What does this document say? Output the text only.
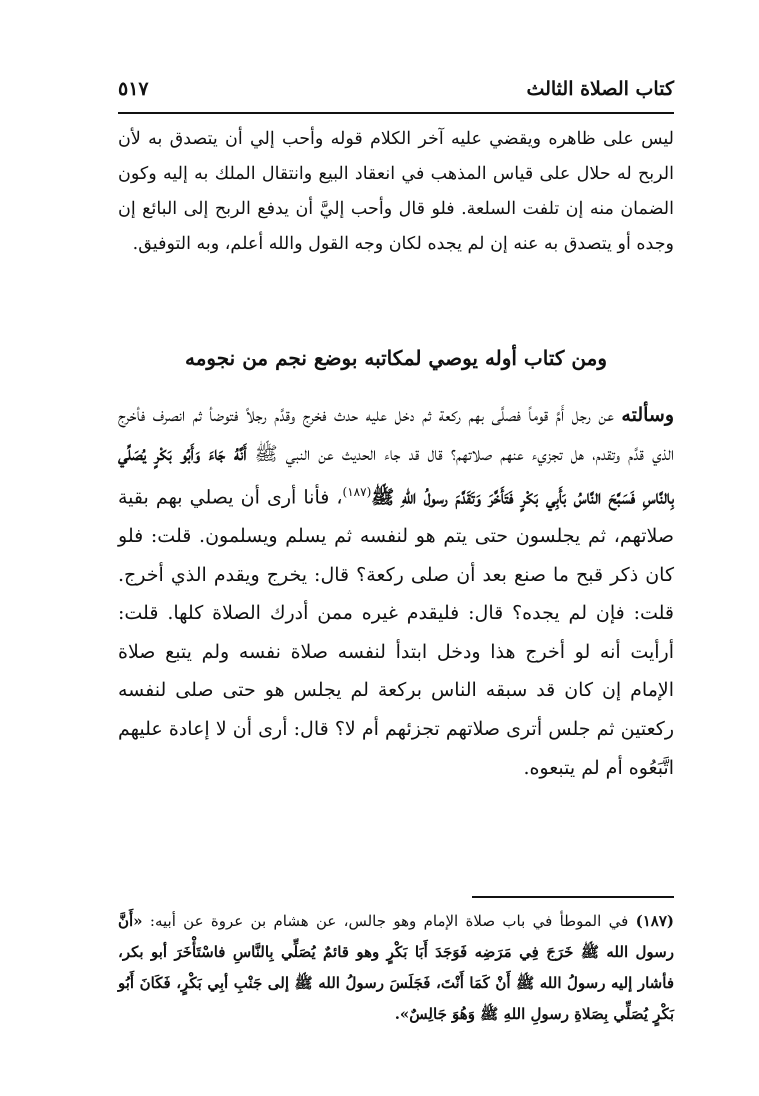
كتاب الصلاة الثالث
٥١٧

ليس على ظاهره ويقضي عليه آخر الكلام قوله وأحب إلي أن يتصدق به لأن الربح له حلال على قياس المذهب في انعقاد البيع وانتقال الملك به إليه وكون الضمان منه إن تلفت السلعة. فلو قال وأحب إليَّ أن يدفع الربح إلى البائع إن وجده أو يتصدق به عنه إن لم يجده لكان وجه القول والله أعلم، وبه التوفيق.

ومن كتاب أوله يوصي لمكاتبه بوضع نجم من نجومه

وسألته عن رجل أَمَّ قوماً فصلَّى بهم ركعة ثم دخل عليه حدث فخرج وقدَّم رجلاً فتوضأ ثم انصرف فأخرج الذي قدَّم وتقدم، هل تجزيء عنهم صلاتهم؟ قال قد جاء الحديث عن النبي ﷺ أَنَّهُ جَاءَ وَأَبُو بَكْرٍ يُصَلِّي بِالنَّاسِ فَسَبَّحَ النَّاسُ بَأَبِي بَكْرٍ فَتَأَخَّرَ وَتَقَدَّمَ رسولُ اللهِ ﷺ$^{(١٨٧)}$، فأنا أرى أن يصلي بهم بقية صلاتهم، ثم يجلسون حتى يتم هو لنفسه ثم يسلم ويسلمون. قلت: فلو كان ذكر قبح ما صنع بعد أن صلى ركعة؟ قال: يخرج ويقدم الذي أخرج. قلت: فإن لم يجده؟ قال: فليقدم غيره ممن أدرك الصلاة كلها. قلت: أرأيت أنه لو أخرج هذا ودخل ابتدأ لنفسه صلاة نفسه ولم يتبع صلاة الإمام إن كان قد سبقه الناس بركعة لم يجلس هو حتى صلى لنفسه ركعتين ثم جلس أترى صلاتهم تجزئهم أم لا؟ قال: أرى أن لا إعادة عليهم اتَّبَعُوه أم لم يتبعوه.

(١٨٧) في الموطأ في باب صلاة الإمام وهو جالس، عن هشام بن عروة عن أبيه: «أَنَّ رسول الله ﷺ خَرَجَ فِي مَرَضِه فَوَجَدَ أَبَا بَكْرٍ وهو قائمٌ يُصَلِّي بِالنَّاسِ فاسْتَأْخَرَ أبو بكر، فأشار إليه رسولُ الله ﷺ أَنْ كَمَا أَنْتَ، فَجَلَسَ رسولُ الله ﷺ إلى جَنْبِ أبِي بَكْرٍ، فَكَانَ أَبُو بَكْرٍ يُصَلِّي بِصَلاةِ رسولِ اللهِ ﷺ وَهُوَ جَالِسٌ».
